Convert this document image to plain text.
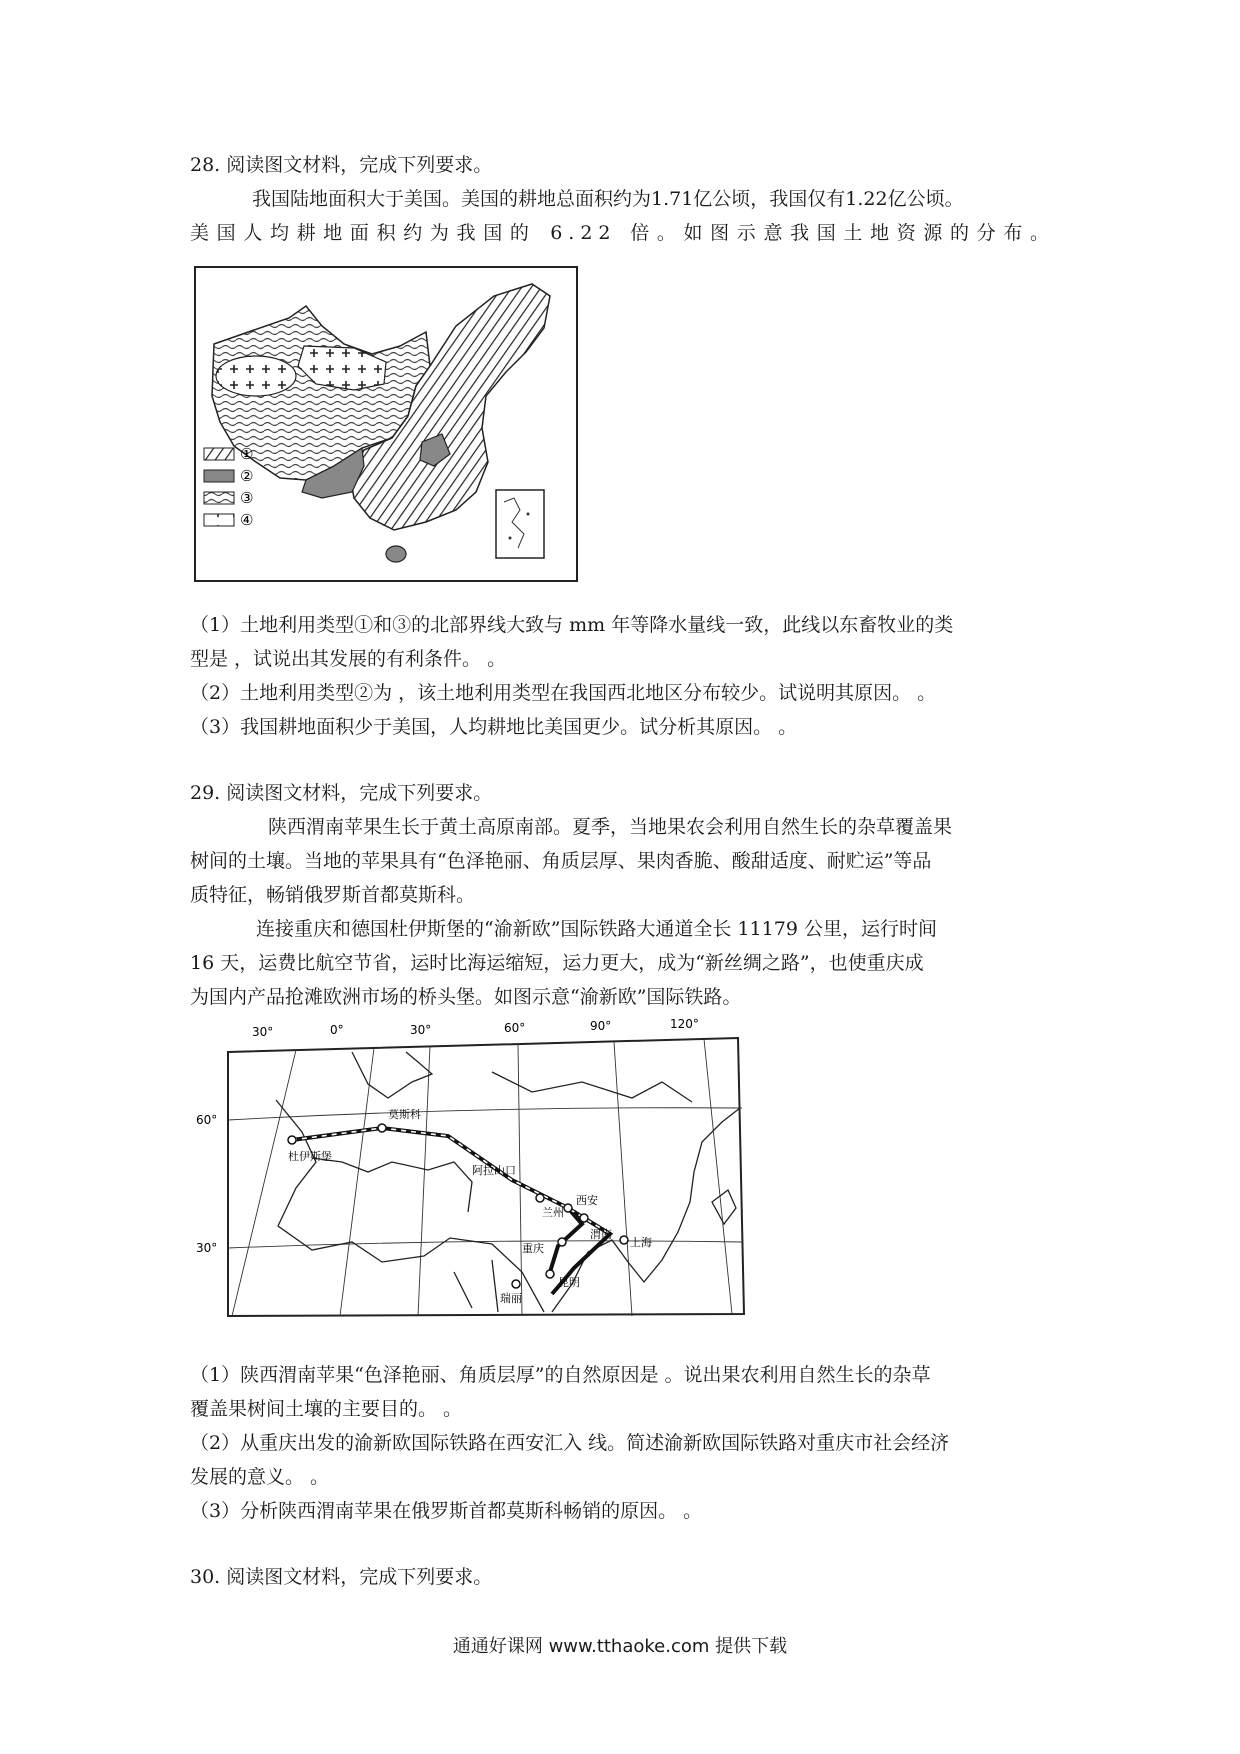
28. 阅读图文材料，完成下列要求。
我国陆地面积大于美国。美国的耕地总面积约为1.71亿公顷，我国仅有1.22亿公顷。
美国人均耕地面积约为我国的 6.22 倍。如图示意我国土地资源的分布。
①
②
③
④
（1）土地利用类型①和③的北部界线大致与 mm 年等降水量线一致，此线以东畜牧业的类
型是 ，试说出其发展的有利条件。 。
（2）土地利用类型②为 ，该土地利用类型在我国西北地区分布较少。试说明其原因。 。
（3）我国耕地面积少于美国，人均耕地比美国更少。试分析其原因。 。
29. 阅读图文材料，完成下列要求。
陕西渭南苹果生长于黄土高原南部。夏季，当地果农会利用自然生长的杂草覆盖果
树间的土壤。当地的苹果具有“色泽艳丽、角质层厚、果肉香脆、酸甜适度、耐贮运”等品
质特征，畅销俄罗斯首都莫斯科。
连接重庆和德国杜伊斯堡的“渝新欧”国际铁路大通道全长 11179 公里，运行时间
16 天，运费比航空节省，运时比海运缩短，运力更大，成为“新丝绸之路”，也使重庆成
为国内产品抢滩欧洲市场的桥头堡。如图示意“渝新欧”国际铁路。
30°	0°	30°	60°	90°	120°
60°
30°
莫斯科
杜伊斯堡
阿拉山口
兰州
西安
渭南
重庆	上海
昆明
瑞丽
（1）陕西渭南苹果“色泽艳丽、角质层厚”的自然原因是 。说出果农利用自然生长的杂草
覆盖果树间土壤的主要目的。 。
（2）从重庆出发的渝新欧国际铁路在西安汇入 线。简述渝新欧国际铁路对重庆市社会经济
发展的意义。 。
（3）分析陕西渭南苹果在俄罗斯首都莫斯科畅销的原因。 。
30. 阅读图文材料，完成下列要求。
通通好课网 www.tthaoke.com 提供下载
